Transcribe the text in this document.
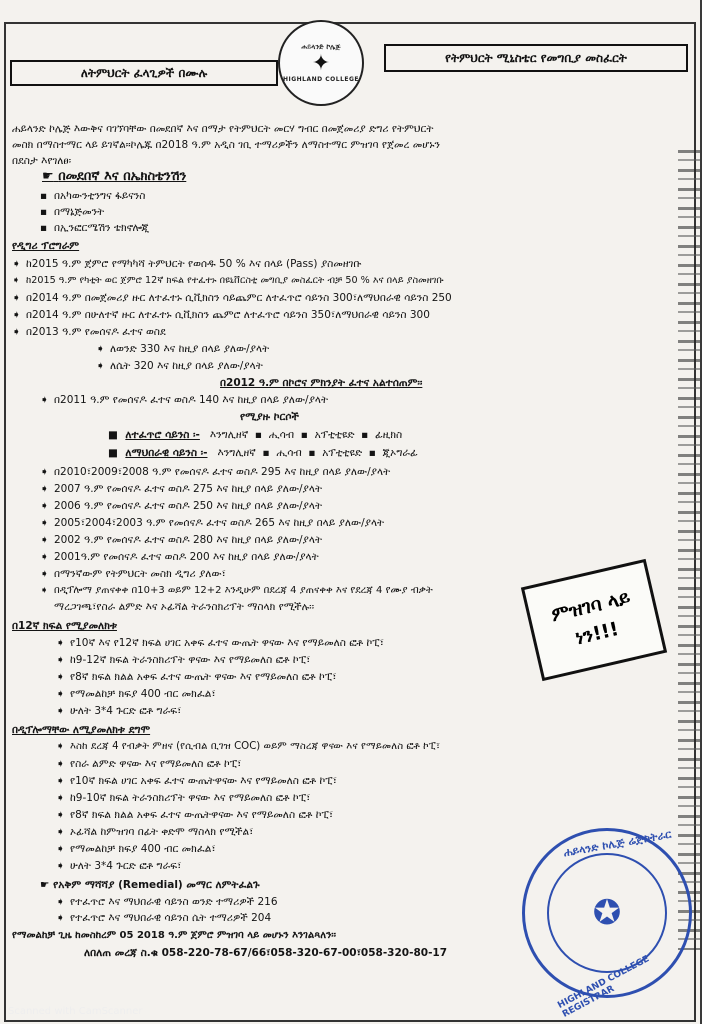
ለትምህርት ፈላጊዎች በሙሉ
ሐይላንድ ኮሌጅ
✦
HIGHLAND COLLEGE
የትምህርት ሚኒስቴር የመግቢያ መስፈርት
ሐይላንድ ኮሌጅ እውቅና ባገኘባቸው በመደበኛ እና በማታ የትምህርት መርሃ ግብር በመጀመሪያ ድግሪ የትምህርት
መስክ በማስተማር ላይ ይገኛል።ኮሌጁ በ2018 ዓ.ም አዲስ ገቢ ተማሪዎችን ለማስተማር ምዝገባ የጀመረ መሆኑን
በደስታ እየገለፀ፡
☛ በመደበኛ እና በኤክስቴንሽን
▪ በአካውንቲንግና ፋይናንስ
▪ በማኔጅመንት
▪ በኢንፎርሜሽን ቴክኖሎጂ
የዲግሪ ፕሮግራም
➧ ከ2015 ዓ.ም ጀምሮ የማካካሻ ትምህርት የወሰዱ 50 % እና በላይ (Pass) ያስመዘገቡ
➧ ከ2015 ዓ.ም የካቲት ወር ጀምሮ 12ኛ ክፍል የተፈተኑ በዩኒቨርስቲ መግቢያ መስፈርት ብቻ 50 % እና በላይ ያስመዘገቡ
➧ በ2014 ዓ.ም በመጀመሪያ ዙር ለተፈተኑ ሲቪክስን ሳይጨምር ለተፈጥሮ ሳይንስ 300፣ለማህበራዊ ሳይንስ 250
➧ በ2014 ዓ.ም በሁለተኛ ዙር ለተፈተኑ ሲቪክስን ጨምሮ ለተፈጥሮ ሳይንስ 350፣ለማህበራዊ ሳይንስ 300
➧ በ2013 ዓ.ም የመሰናዶ ፈተና ወስደ
➧ ለወንድ 330 እና ከዚያ በላይ ያለው/ያላት
➧ ለሴት 320 እና ከዚያ በላይ ያለው/ያላት
በ2012 ዓ.ም በኮሮና ምክንያት ፈተና አልተሰጠም፡፡
➧ በ2011 ዓ.ም የመሰናዶ ፈተና ወስዶ 140 እና ከዚያ በላይ ያለው/ያላት
የሚያዙ ኮርሶች
■ ለተፈጥሮ ሳይንስ ፡- እንግሊዘኛ  ▪  ሒሳብ  ▪  አፕቲቲዩድ  ▪  ፊዚክስ
■ ለማህበራዊ ሳይንስ ፡- እንግሊዘኛ  ▪  ሒሳብ  ▪  አፕቲቲዩድ  ▪  ጂኦግራፊ
➧ በ2010፣2009፣2008 ዓ.ም የመሰናዶ ፈተና ወስዶ 295 እና ከዚያ በላይ ያለው/ያላት
➧ 2007 ዓ.ም የመሰናዶ ፈተና ወስዶ 275 እና ከዚያ በላይ ያለው/ያላት
➧ 2006 ዓ.ም የመሰናዶ ፈተና ወስዶ 250 እና ከዚያ በላይ ያለው/ያላት
➧ 2005፣2004፣2003 ዓ.ም የመሰናዶ ፈተና ወስዶ 265 እና ከዚያ በላይ ያለው/ያላት
➧ 2002 ዓ.ም የመሰናዶ ፈተና ወስዶ 280 እና ከዚያ በላይ ያለው/ያላት
➧ 2001ዓ.ም የመሰናዶ ፈተና ወስዶ 200 እና ከዚያ በላይ ያለው/ያላት
➧ በማንኛውም የትምህርት መስክ ዲግሪ ያለው፣
➧ በዲፕሎማ ያጠናቀቀ በ10+3 ወይም 12+2 እንዲሁም በደረጃ 4 ያጠናቀቀ እና የደረጃ 4 የሙያ ብቃት
ማረጋገጫ፣የስራ ልምድ እና ኦፊሻል ትራንስክሪፕት ማስላክ የሚችሉ፡፡
በ12ኛ ክፍል የሚያመለክቱ
➧ የ10ኛ እና የ12ኛ ክፍል ሀገር አቀፍ ፈተና ውጤት ዋናው እና የማይመለስ ፎቶ ኮፒ፣
➧ ከ9-12ኛ ክፍል ትራንስክሪፕት ዋናው እና የማይመለስ ፎቶ ኮፒ፣
➧ የ8ኛ ክፍል ክልል አቀፍ ፈተና ውጤት ዋናው እና የማይመለስ ፎቶ ኮፒ፣
➧ የማመልከቻ ክፍያ 400 ብር መክፈል፣
➧ ሁለት 3*4 ጉርድ ፎቶ ግራፍ፣
በዲፕሎማቸው ለሚያመለክቱ ደግሞ
➧ እስከ ደረጃ 4 የብቃት ምዘና (የሲብል ቢገዝ COC) ወይም ማስረጃ ዋናው እና የማይመለስ ፎቶ ኮፒ፣
➧ የስራ ልምድ ዋናው እና የማይመለስ ፎቶ ኮፒ፣
➧ የ10ኛ ክፍል ሀገር አቀፍ ፈተና ውጤትዋናው እና የማይመለስ ፎቶ ኮፒ፣
➧ ከ9-10ኛ ክፍል ትራንስክሪፕት ዋናው እና የማይመለስ ፎቶ ኮፒ፣
➧ የ8ኛ ክፍል ክልል አቀፍ ፈተና ውጤትዋናው እና የማይመለስ ፎቶ ኮፒ፣
➧ ኦፊሻል ከምዝገባ በፊት ቀድሞ ማስላክ የሚችል፣
➧ የማመልከቻ ክፍያ 400 ብር መክፈል፣
➧ ሁለት 3*4 ጉርድ ፎቶ ግራፍ፣
☛ የአቅም ማሻሻያ (Remedial) መማር ለምትፈልጉ
➧ የተፈጥሮ እና ማህበራዊ ሳይንስ ወንድ ተማሪዎች 216
➧ የተፈጥሮ እና ማህበራዊ ሳይንስ ሴት ተማሪዎች 204
የማመልከቻ ጊዜ ከመስከረም 05 2018 ዓ.ም ጀምሮ ምዝገባ ላይ መሆኑን እንገልጻለን፡፡
ለበለጠ መረጃ ስ.ቁ 058-220-78-67/66፣058-320-67-00፣058-320-80-17
ምዝገባ ላይ
ነን!!!
ሐይላንድ ኮሌጅ ሬጅስትራር
✪
HIGHLAND COLLEGE REGISTRAR
Scanned with CamScanner
